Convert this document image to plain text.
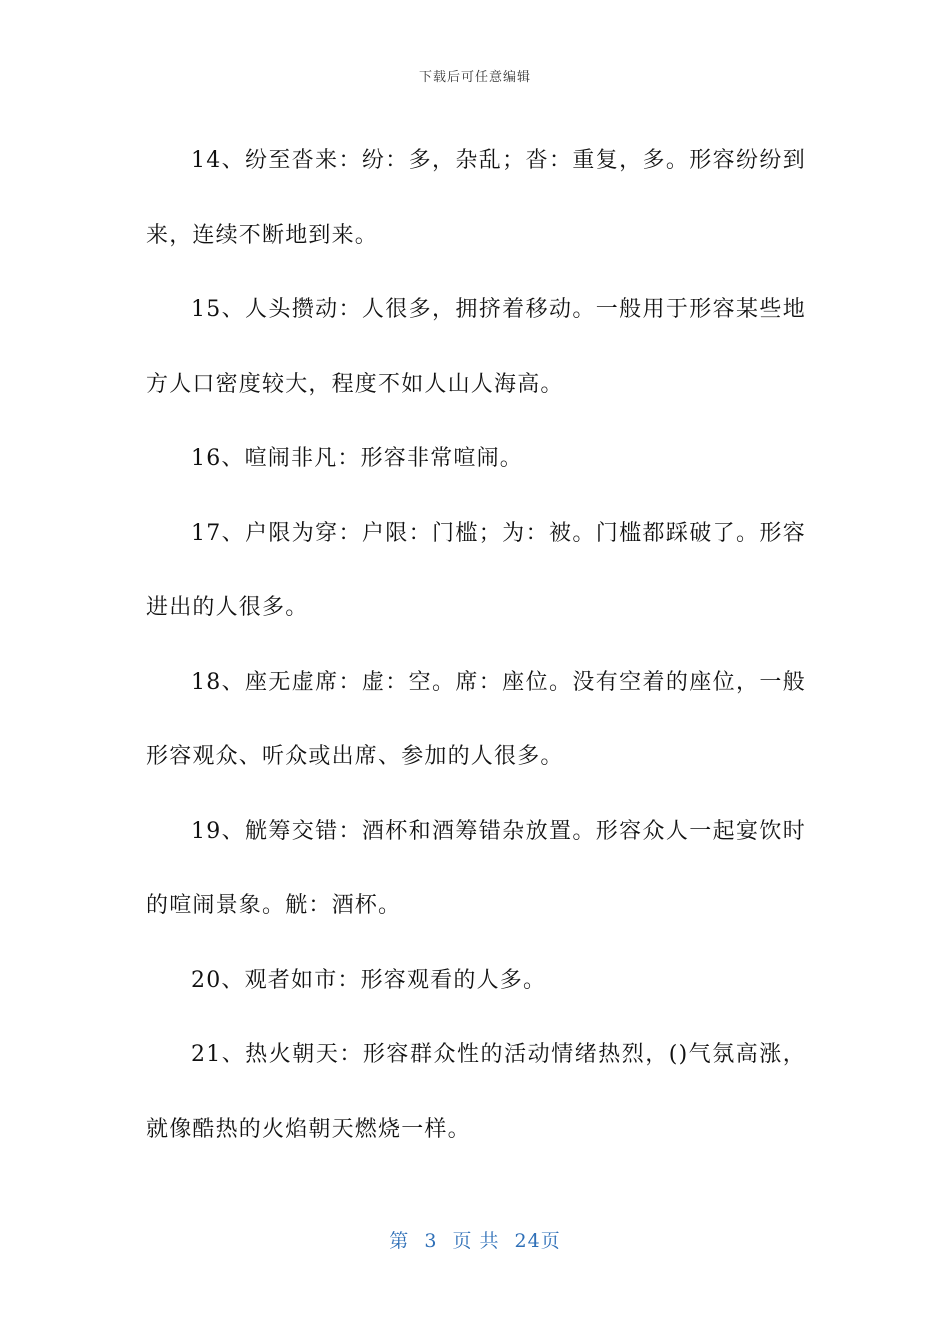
下载后可任意编辑

14、纷至沓来：纷：多，杂乱；沓：重复，多。形容纷纷到来，连续不断地到来。

15、人头攒动：人很多，拥挤着移动。一般用于形容某些地方人口密度较大，程度不如人山人海高。

16、喧闹非凡：形容非常喧闹。

17、户限为穿：户限：门槛；为：被。门槛都踩破了。形容进出的人很多。

18、座无虚席：虚：空。席：座位。没有空着的座位，一般形容观众、听众或出席、参加的人很多。

19、觥筹交错：酒杯和酒筹错杂放置。形容众人一起宴饮时的喧闹景象。觥：酒杯。

20、观者如市：形容观看的人多。

21、热火朝天：形容群众性的活动情绪热烈，()气氛高涨，就像酷热的火焰朝天燃烧一样。

第 3 页 共 24页
